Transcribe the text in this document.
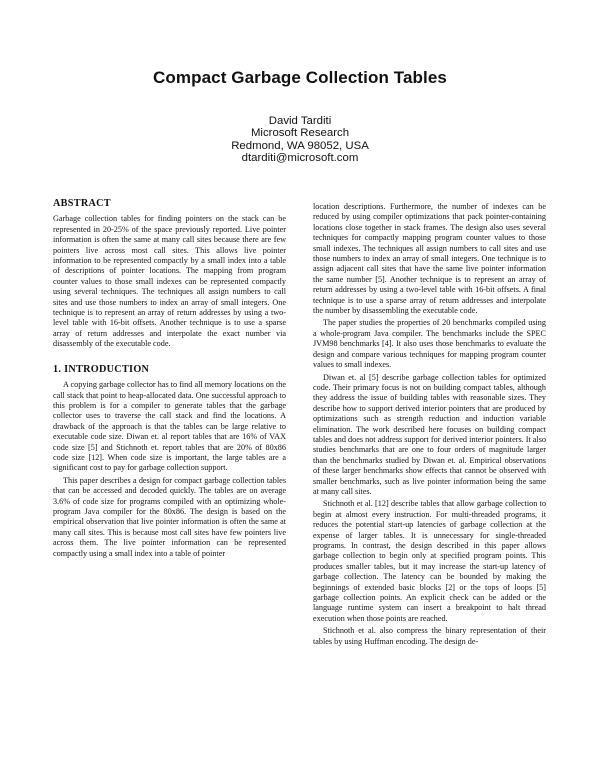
Compact Garbage Collection Tables
David Tarditi
Microsoft Research
Redmond, WA 98052, USA
dtarditi@microsoft.com
ABSTRACT

Garbage collection tables for finding pointers on the stack can be represented in 20-25% of the space previously reported. Live pointer information is often the same at many call sites because there are few pointers live across most call sites. This allows live pointer information to be represented compactly by a small index into a table of descriptions of pointer locations. The mapping from program counter values to those small indexes can be represented compactly using several techniques. The techniques all assign numbers to call sites and use those numbers to index an array of small integers. One technique is to represent an array of return addresses by using a two-level table with 16-bit offsets. Another technique is to use a sparse array of return addresses and interpolate the exact number via disassembly of the executable code.

1. INTRODUCTION

A copying garbage collector has to find all memory locations on the call stack that point to heap-allocated data. One successful approach to this problem is for a compiler to generate tables that the garbage collector uses to traverse the call stack and find the locations. A drawback of the approach is that the tables can be large relative to executable code size. Diwan et. al report tables that are 16% of VAX code size [5] and Stichnoth et. report tables that are 20% of 80x86 code size [12]. When code size is important, the large tables are a significant cost to pay for garbage collection support.

This paper describes a design for compact garbage collection tables that can be accessed and decoded quickly. The tables are on average 3.6% of code size for programs compiled with an optimizing whole-program Java compiler for the 80x86. The design is based on the empirical observation that live pointer information is often the same at many call sites. This is because most call sites have few pointers live across them. The live pointer information can be represented compactly using a small index into a table of pointer

location descriptions. Furthermore, the number of indexes can be reduced by using compiler optimizations that pack pointer-containing locations close together in stack frames. The design also uses several techniques for compactly mapping program counter values to those small indexes. The techniques all assign numbers to call sites and use those numbers to index an array of small integers. One technique is to assign adjacent call sites that have the same live pointer information the same number [5]. Another technique is to represent an array of return addresses by using a two-level table with 16-bit offsets. A final technique is to use a sparse array of return addresses and interpolate the number by disassembling the executable code.

The paper studies the properties of 20 benchmarks compiled using a whole-program Java compiler. The benchmarks include the SPEC JVM98 benchmarks [4]. It also uses those benchmarks to evaluate the design and compare various techniques for mapping program counter values to small indexes.

Diwan et. al [5] describe garbage collection tables for optimized code. Their primary focus is not on building compact tables, although they address the issue of building tables with reasonable sizes. They describe how to support derived interior pointers that are produced by optimizations such as strength reduction and induction variable elimination. The work described here focuses on building compact tables and does not address support for derived interior pointers. It also studies benchmarks that are one to four orders of magnitude larger than the benchmarks studied by Diwan et. al. Empirical observations of these larger benchmarks show effects that cannot be observed with smaller benchmarks, such as live pointer information being the same at many call sites.

Stichnoth et al. [12] describe tables that allow garbage collection to begin at almost every instruction. For multi-threaded programs, it reduces the potential start-up latencies of garbage collection at the expense of larger tables. It is unnecessary for single-threaded programs. In contrast, the design described in this paper allows garbage collection to begin only at specified program points. This produces smaller tables, but it may increase the start-up latency of garbage collection. The latency can be bounded by making the beginnings of extended basic blocks [2] or the tops of loops [5] garbage collection points. An explicit check can be added or the language runtime system can insert a breakpoint to halt thread execution when those points are reached.

Stichnoth et al. also compress the binary representation of their tables by using Huffman encoding. The design de-
